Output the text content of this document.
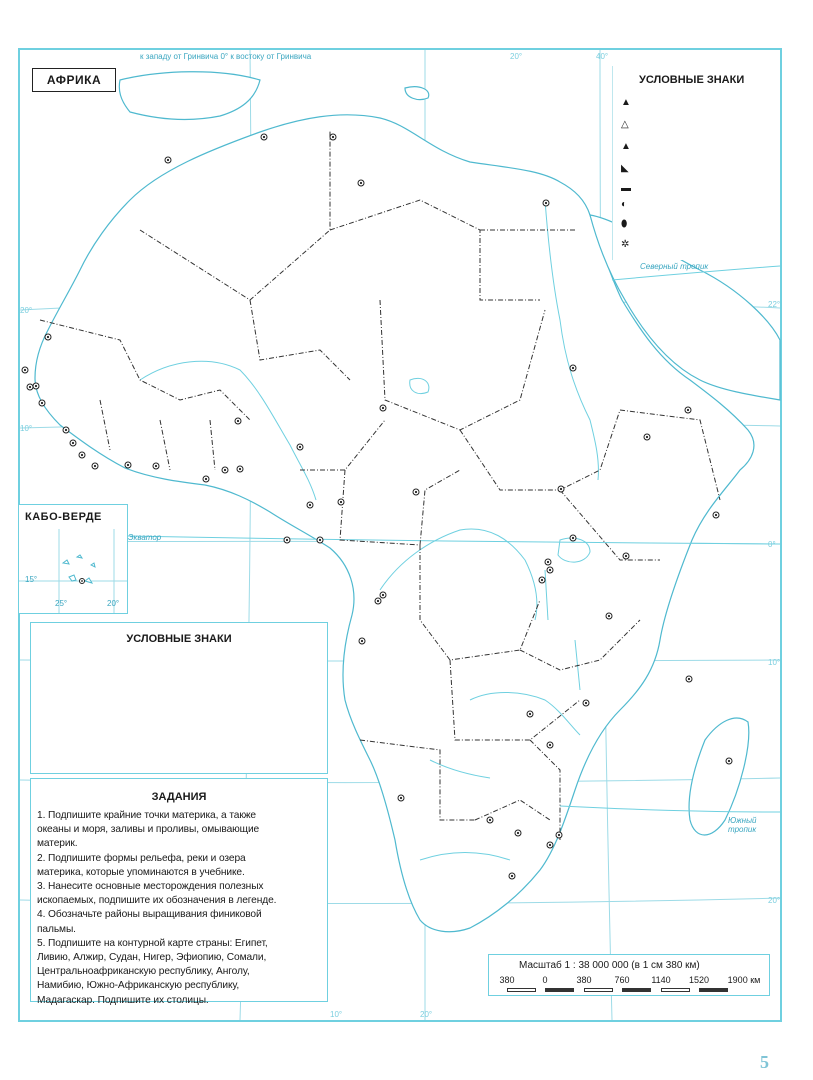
АФРИКА
к западу от Гринвича 0° к востоку от Гринвича
Экватор
Северный тропик
Южный тропик
20°	40°
10°	20°
20°
10°
22°
0°
10°
20°
УСЛОВНЫЕ ЗНАКИ
▲
△
▲
◣
▬
◐
⬮
✲
КАБО-ВЕРДЕ
15°
25°	20°
УСЛОВНЫЕ ЗНАКИ
ЗАДАНИЯ
1. Подпишите крайние точки материка, а также
океаны и моря, заливы и проливы, омывающие
материк.
2. Подпишите формы рельефа, реки и озера
материка, которые упоминаются в учебнике.
3. Нанесите основные месторождения полезных
ископаемых, подпишите их обозначения в легенде.
4. Обозначьте районы выращивания финиковой
пальмы.
5. Подпишите на контурной карте страны: Египет,
Ливию, Алжир, Судан, Нигер, Эфиопию, Сомали,
Центральноафриканскую республику, Анголу,
Намибию, Южно-Африканскую республику,
Мадагаскар. Подпишите их столицы.
Масштаб 1 : 38 000 000 (в 1 см 380 км)
380	0	380	760 1140 1520 1900 км
5
